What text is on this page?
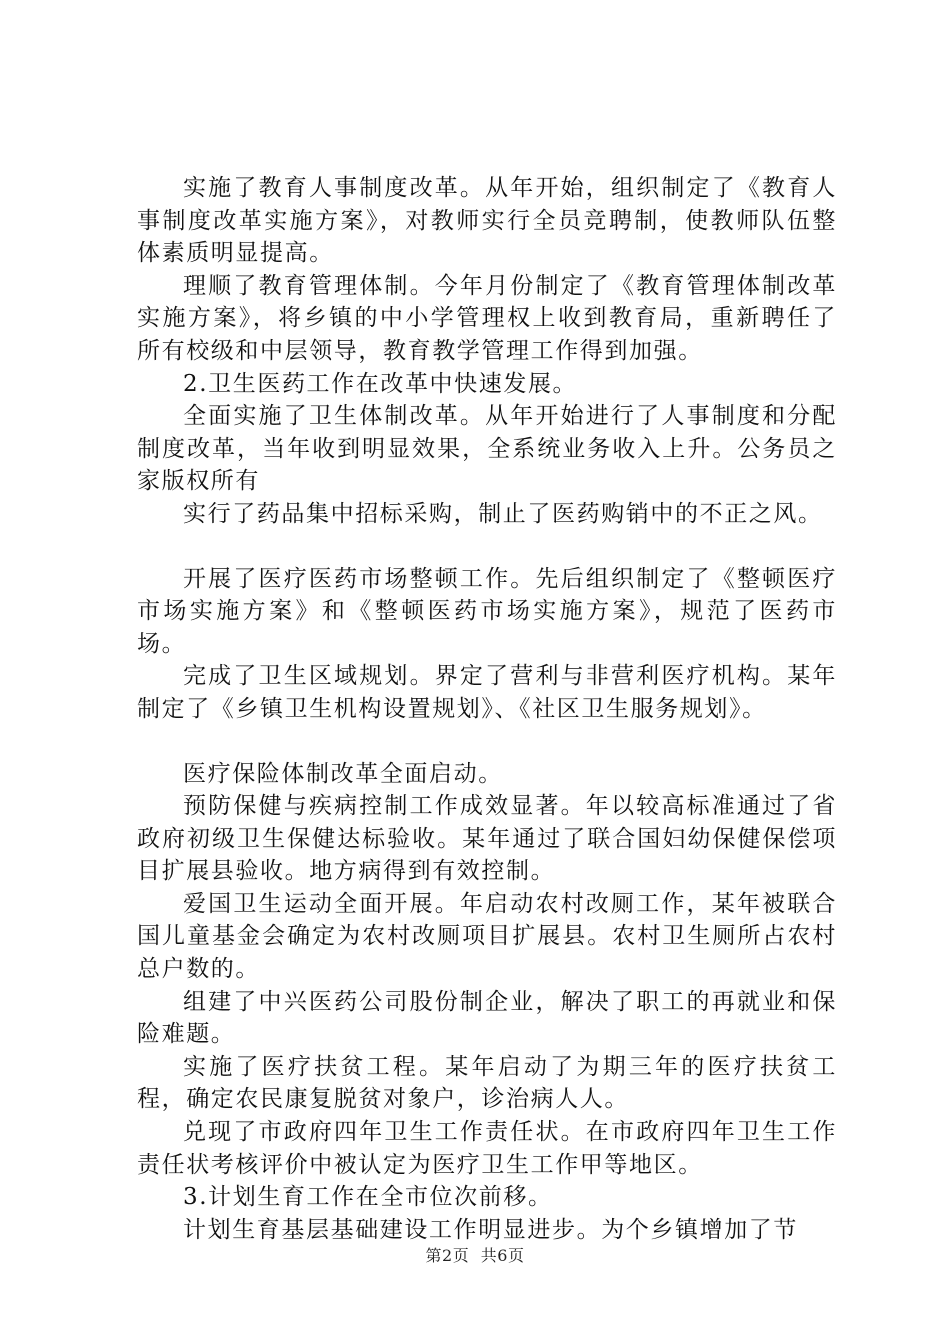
实施了教育人事制度改革。从年开始，组织制定了《教育人事制度改革实施方案》，对教师实行全员竞聘制，使教师队伍整体素质明显提高。

理顺了教育管理体制。今年月份制定了《教育管理体制改革实施方案》，将乡镇的中小学管理权上收到教育局，重新聘任了所有校级和中层领导，教育教学管理工作得到加强。

2.卫生医药工作在改革中快速发展。

全面实施了卫生体制改革。从年开始进行了人事制度和分配制度改革，当年收到明显效果，全系统业务收入上升。公务员之家版权所有

实行了药品集中招标采购，制止了医药购销中的不正之风。

开展了医疗医药市场整顿工作。先后组织制定了《整顿医疗市场实施方案》和《整顿医药市场实施方案》，规范了医药市场。

完成了卫生区域规划。界定了营利与非营利医疗机构。某年制定了《乡镇卫生机构设置规划》、《社区卫生服务规划》。

医疗保险体制改革全面启动。

预防保健与疾病控制工作成效显著。年以较高标准通过了省政府初级卫生保健达标验收。某年通过了联合国妇幼保健保偿项目扩展县验收。地方病得到有效控制。

爱国卫生运动全面开展。年启动农村改厕工作，某年被联合国儿童基金会确定为农村改厕项目扩展县。农村卫生厕所占农村总户数的。

组建了中兴医药公司股份制企业，解决了职工的再就业和保险难题。

实施了医疗扶贫工程。某年启动了为期三年的医疗扶贫工程，确定农民康复脱贫对象户，诊治病人人。

兑现了市政府四年卫生工作责任状。在市政府四年卫生工作责任状考核评价中被认定为医疗卫生工作甲等地区。

3.计划生育工作在全市位次前移。

计划生育基层基础建设工作明显进步。为个乡镇增加了节

第2页 共6页
